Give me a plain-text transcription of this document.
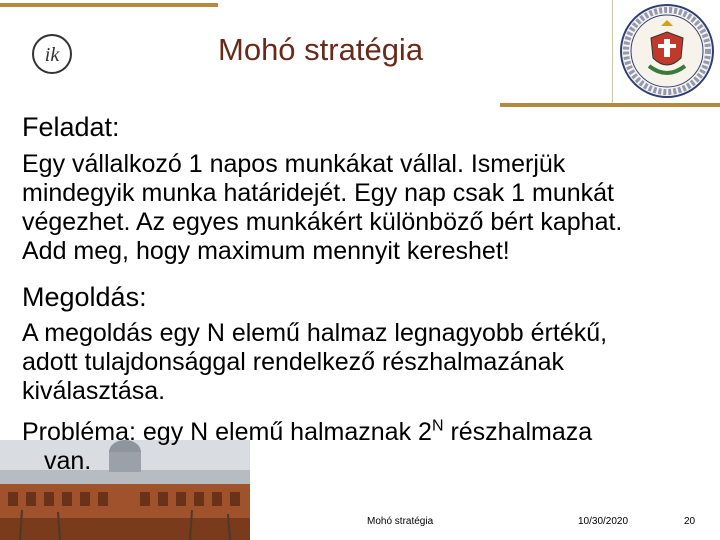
ik	Mohó stratégia
Feladat:

Egy vállalkozó 1 napos munkákat vállal. Ismerjük

mindegyik munka határidejét. Egy nap csak 1 munkát

végezhet. Az egyes munkákért különböző bért kaphat.

Add meg, hogy maximum mennyit kereshet!

Megoldás:

A megoldás egy N elemű halmaz legnagyobb értékű,

adott tulajdonsággal rendelkező részhalmazának

kiválasztása.

Probléma: egy N elemű halmaznak $2^N$ részhalmaza

van.

Mohó stratégia	10/30/2020	20
